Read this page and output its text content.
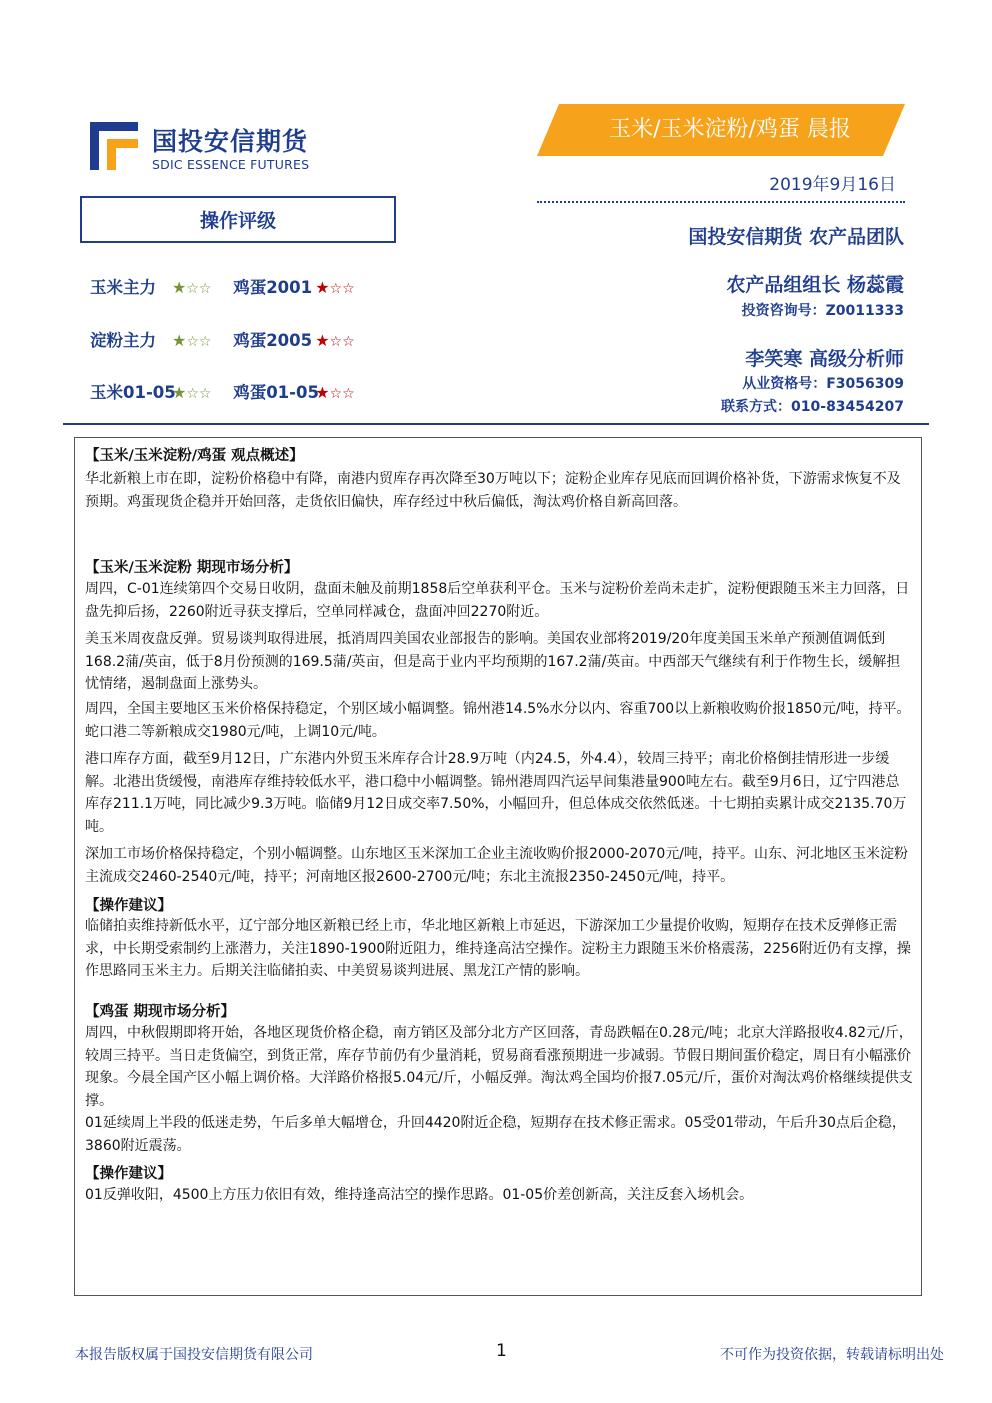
国投安信期货
SDIC ESSENCE FUTURES
玉米/玉米淀粉/鸡蛋 晨报
2019年9月16日
国投安信期货 农产品团队
农产品组组长 杨蕊霞
投资咨询号：Z0011333
李笑寒 高级分析师
从业资格号：F3056309
联系方式：010-83454207
操作评级
玉米主力 ★☆☆ 鸡蛋2001 ★☆☆
淀粉主力 ★☆☆ 鸡蛋2005 ★☆☆
玉米01-05★☆☆ 鸡蛋01-05★☆☆
【玉米/玉米淀粉/鸡蛋 观点概述】
华北新粮上市在即，淀粉价格稳中有降，南港内贸库存再次降至30万吨以下；淀粉企业库存见底而回调价格补货，下游需求恢复不及预期。鸡蛋现货企稳并开始回落，走货依旧偏快，库存经过中秋后偏低，淘汰鸡价格自新高回落。
【玉米/玉米淀粉 期现市场分析】
周四，C-01连续第四个交易日收阴，盘面未触及前期1858后空单获利平仓。玉米与淀粉价差尚未走扩，淀粉便跟随玉米主力回落，日盘先抑后扬，2260附近寻获支撑后，空单同样减仓，盘面冲回2270附近。
美玉米周夜盘反弹。贸易谈判取得进展，抵消周四美国农业部报告的影响。美国农业部将2019/20年度美国玉米单产预测值调低到168.2蒲/英亩，低于8月份预测的169.5蒲/英亩，但是高于业内平均预期的167.2蒲/英亩。中西部天气继续有利于作物生长，缓解担忧情绪，遏制盘面上涨势头。
周四，全国主要地区玉米价格保持稳定，个别区域小幅调整。锦州港14.5%水分以内、容重700以上新粮收购价报1850元/吨，持平。蛇口港二等新粮成交1980元/吨，上调10元/吨。
港口库存方面，截至9月12日，广东港内外贸玉米库存合计28.9万吨（内24.5，外4.4），较周三持平；南北价格倒挂情形进一步缓解。北港出货缓慢，南港库存维持较低水平，港口稳中小幅调整。锦州港周四汽运早间集港量900吨左右。截至9月6日，辽宁四港总库存211.1万吨，同比减少9.3万吨。临储9月12日成交率7.50%，小幅回升，但总体成交依然低迷。十七期拍卖累计成交2135.70万吨。
深加工市场价格保持稳定，个别小幅调整。山东地区玉米深加工企业主流收购价报2000-2070元/吨，持平。山东、河北地区玉米淀粉主流成交2460-2540元/吨，持平；河南地区报2600-2700元/吨；东北主流报2350-2450元/吨，持平。
【操作建议】
临储拍卖维持新低水平，辽宁部分地区新粮已经上市，华北地区新粮上市延迟，下游深加工少量提价收购，短期存在技术反弹修正需求，中长期受索制约上涨潜力，关注1890-1900附近阻力，维持逢高沽空操作。淀粉主力跟随玉米价格震荡，2256附近仍有支撑，操作思路同玉米主力。后期关注临储拍卖、中美贸易谈判进展、黑龙江产情的影响。
【鸡蛋 期现市场分析】
周四，中秋假期即将开始，各地区现货价格企稳，南方销区及部分北方产区回落，青岛跌幅在0.28元/吨；北京大洋路报收4.82元/斤，较周三持平。当日走货偏空，到货正常，库存节前仍有少量消耗，贸易商看涨预期进一步减弱。节假日期间蛋价稳定，周日有小幅涨价现象。今晨全国产区小幅上调价格。大洋路价格报5.04元/斤，小幅反弹。淘汰鸡全国均价报7.05元/斤，蛋价对淘汰鸡价格继续提供支撑。
01延续周上半段的低迷走势，午后多单大幅增仓，升回4420附近企稳，短期存在技术修正需求。05受01带动，午后升30点后企稳，3860附近震荡。
【操作建议】
01反弹收阳，4500上方压力依旧有效，维持逢高沽空的操作思路。01-05价差创新高，关注反套入场机会。
本报告版权属于国投安信期货有限公司	1	不可作为投资依据，转载请标明出处
